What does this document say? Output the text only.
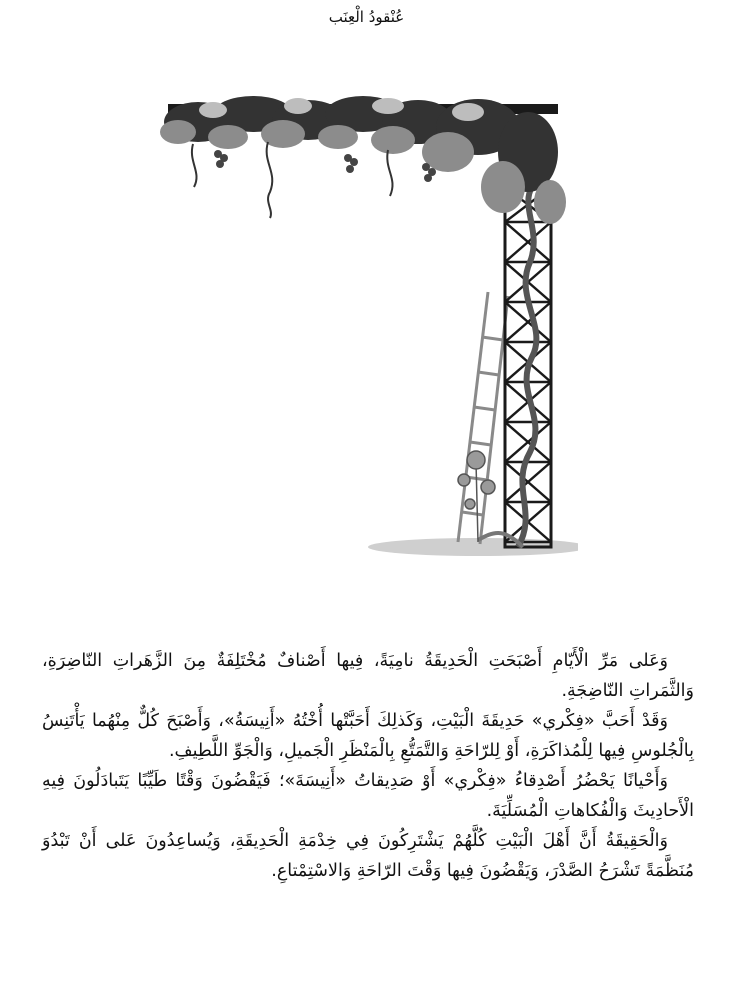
عُنْقودُ الْعِنَب

وَعَلى مَرِّ الْأَيّامِ أَصْبَحَتِ الْحَدِيقَةُ نامِيَةً، فِيها أَصْنافٌ مُخْتَلِفَةٌ مِنَ الزَّهَراتِ النّاضِرَةِ، وَالثَّمَراتِ النّاضِجَةِ.

وَقَدْ أَحَبَّ «فِكْري» حَدِيقَةَ الْبَيْتِ، وَكَذلِكَ أَحَبَّتْها أُخْتُهُ «أَنِيسَةُ»، وَأَصْبَحَ كُلٌّ مِنْهُما يَأْتَنِسُ بِالْجُلوسِ فِيها لِلْمُذاكَرَةِ، أَوْ لِلرّاحَةِ وَالتَّمَتُّعِ بِالْمَنْظَرِ الْجَميلِ، وَالْجَوِّ اللَّطِيفِ.

وَأَحْيانًا يَحْضُرُ أَصْدِقاءُ «فِكْري» أَوْ صَدِيقاتُ «أَنِيسَةَ»؛ فَيَقْضُونَ وَقْتًا طَيِّبًا يَتَبادَلُونَ فِيهِ الْأَحادِيثَ وَالْفُكاهاتِ الْمُسَلِّيَةَ.

وَالْحَقِيقَةُ أَنَّ أَهْلَ الْبَيْتِ كُلَّهُمْ يَشْتَرِكُونَ فِي خِدْمَةِ الْحَدِيقَةِ، وَيُساعِدُونَ عَلى أَنْ تَبْدُوَ مُنَظَّمَةً تَشْرَحُ الصَّدْرَ، وَيَقْضُونَ فِيها وَقْتَ الرّاحَةِ وَالاسْتِمْتاعِ.
